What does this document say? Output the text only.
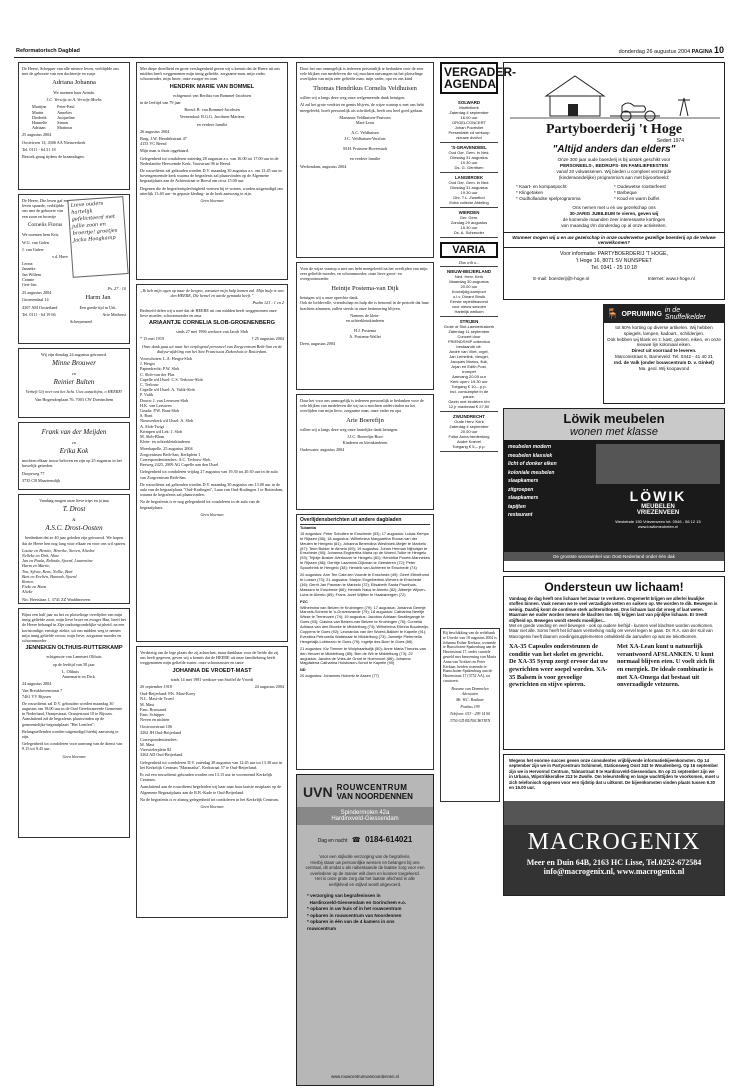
Reformatorisch Dagblad	donderdag 26 augustus 2004 PAGINA 10

De Heere, Schepper van alle nieuwe leven, verblijdde ons met de geboorte van een dochtertje en zusje

Adriana Johanna

We noemen haar Arinda.

J.C. Verwijs en A. Verwijs-Morks

Martijne
Martin
Diederik
Hannelie
Adriaan
Peter-Paul
Annelies
Jacqueline
Simon
Martinus

25 augustus 2004

Oostvirsen 13; 4306 AA Nieuwerkerk

Tel. 0111 - 64 31 18

Bezoek graag tijdens de kraamdagen.

De Heere, Die leven gaf en leven spaarde, verblijdde ons met de geboorte van een zoon en broertje

Cornelis Florus

We noemen hem Kris.

W.G. van Galen

J. van Galen-

v.d. Have

Leona
Janneke
Jan Willem
Connie
Gert-Jan

25 augustus 2004

Groenendaal 14

4307 AM Oosterland

Tel. 0111 - 64 19 66

Lieve ouders hartelijk gefeliciteerd met jullie zoon en broertje! groetjes Jacks Hoogkamp

Ps. 27 : 10

Harm Jan

Een goede tijd in Urk.

Arie Methorst

Scherpenzeel

Wij zijn dinsdag 24 augustus getrouwd.

Minne Brouwer
en
Reinier Bulten

Verheft Gij over ons het licht. Uws aanschijns, o HEERE!

Van Hogendorplaan 76, 7003 CW Doetinchem

Frank van der Meijden
en
Erika Kok

mochten elkaar trouw beloven en zijn op 25 augustus in het huwelijk getreden.

Dorpsweg 77

3735 CB Maartensdijk

Vandaag mogen onze lieve trips en (o)ma

T. Drost
&
A.S.C. Drost-Oosten

herdenken dat ze 40 jaar geleden zijn getrouwd. We hopen dat de Heere hen nog lang voor elkaar en voor ons wil sparen.

Louise en Hennie, Henrike, Steven, Aliedra
Nelleke en Dirk, Aline
Jan en Paula, Rolinda, Sjoerd, Laurentine
Harm en Martie,
Ton, Sylvia, Rens, Nollie, Bart
Bart en Evelien, Hannah, Sjoerd
Remco
Fieke en Hans
Alieke

Nic. Beetslaan 1, 3741 ZZ Waddinxveen

Bijna een half jaar na het zo plotselinge overlijden van mijn innig geliefde zoon, mijn lieve broer en zwager Han, heeft het de Heere behaagd in Zijn ondoorgrondelijke wijsheid, na een kortstondige, ernstige ziekte, uit ons midden weg te nemen mijn innig geliefde vrouw, mijn lieve, zorgzame moeder en schoonmoeder

JENNEKEN OLTHUIS-RUTTERKAMP

echtgenote van Lammert Olthuis

op de leeftijd van 58 jaar.

L. Olthuis
Annemarie en Dick

24 augustus 2004

Van Breukhovenstraat 7
7461 VV Rijssen

De rouwdienst zal D.V. gehouden worden maandag 30 augustus om 18.00 uur in de Oud Gereformeerde Gemeente in Nederland, Oranjestraat, Oranjestraat 10 te Rijssen. Aansluitend zal de begrafenis plaatsvinden op de gemeentelijke begraafplaats "Het Lentfert".

Belangstellenden worden uitgenodigd hierbij aanwezig te zijn.

Gelegenheid tot condoleren voor aanvang van de dienst van 9.15 tot 9.45 uur.

Geen bloemen

Met diepe droefheid en grote verslagenheid geven wij u kennis dat de Heere uit ons midden heeft weggenomen mijn innig geliefde, zorgzame man, mijn vader, schoonvader, mijn broer, onze zwager en oom

HENDRIK MARIE VAN BOMMEL

echtgenoot van Berthia van Bommel-Jacobsen

in de leeftijd van 79 jaar

Beesd: B. van Bommel-Jacobsen

Veenendaal: B.G.G. Jacobsen-Martens

en verdere familie

26 augustus 2004

Burg. J.W. Hendrikstraat 47
4153 VC Beesd

Mijn man is thuis opgebaard.

Gelegenheid tot condoleren zaterdag 28 augustus a.s. van 16.00 tot 17.00 uur in de Nederlandse Hervormde Kerk, Voorstraat 96 te Beesd.

De rouwdienst zal gehouden worden D.V. maandag 30 augustus a.s. om 13.45 uur in bovengenoemde kerk waarna de begrafenis zal plaatsvinden op de Algemene begraafplaats aan de Achterstraat te Beesd om circa 15.00 uur.

Degenen die de begrafenisplechtigheid wensen bij te wonen, worden uitgenodigd om uiterlijk 13.40 uur -in gepaste kleding- in de kerk aanwezig te zijn.

Geen bloemen

„Ik heb mijn ogen op naar de bergen, vanwaar mijn hulp komen zal. Mijn hulp is van den HEERE, Die hemel en aarde gemaakt heeft.”

Psalm 121 : 1 en 2

Bedroefd delen wij u mee dat de HEERE uit ons midden heeft weggenomen onze lieve moeder, schoonmoeder en oma

ARIAANTJE CORNELIA SLOB-GROENENBERG

sinds 27 mei 1996 weduwe van Jacob Slob

* 15 mei 1919	† 25 augustus 2004

Onze dank gaat uit naar het verplegend personeel van Zorgcentrum Beth-San en de dialyse-afdeling van het Sint Franciscus Ziekenhuis te Rotterdam.

Voorschoten: L.A. Hergst-Slob
J. Hergst
Papendrecht: P.W. Slob
C. Slob-van der Plas
Capelle a/d IJssel: C.S. Terlouw-Slob
C. Terlouw
Capelle a/d IJssel: A. Vulik-Slob
P. Vulik
Doorn: J. van Leeuwen-Slob
H.K. van Leeuwen
Gouda: P.W. Bont-Slob
S. Bont
Nieuwerkerk a/d IJssel: A. Slob
A. Slob-Twigt
Krimpen a/d Lek: J. Slob
M. Slob-Blom
Klein- en achterkleinkinderen

Moerkapelle, 25 augustus 2004
Zorgcentrum Beth-San, Kerkplein 1
Correspondentieadres: A.C. Terlouw-Slob
Beeweg 2425, 2909 AG Capelle aan den IJssel

Gelegenheid tot condoleren vrijdag 27 augustus van 19.30 tot 20.30 uur in de aula van Zorgcentrum Beth-San.

De rouwdienst zal gehouden worden D.V. maandag 30 augustus om 13.00 uur in de aula van de begraafplaats "Oud-Kralingen", Laan van Oud-Kralingen 1 te Rotterdam, waarna de begrafenis zal plaatsvinden.

Na de begrafenis is er nog gelegenheid tot condoleren in de aula van de begraafplaats.

Geen bloemen

Verdrietig om de lege plaats die zij achterlaat, maar dankbaar voor de liefde die zij ons heeft gegeven, geven wij u kennis dat de HEERE uit onze familiekring heeft weggenomen mijn geliefde zuster, onze schoonzuster en tante

JOHANNA DE VROEDT-MAST

sinds 14 mei 1981 weduwe van Stoffel de Vroedt

26 september 1918	24 augustus 2004

Oud-Beijerland: P.K. Mast-Kooy
N.L. Mast-de Vroed
M. Mast
Fam. Brussaard
Fam. Schipper
Neven en nichten

Oostvoorstraat 106
3262 JH Oud-Beijerland

Correspondentieadres:
M. Mast
Vierwielerplein 82
3262 AD Oud-Beijerland

Gelegenheid tot condoleren D.V. zaterdag 28 augustus van 12.45 uur tot 13.30 uur in het Kerkelijk Centrum "Maranatha", Kerkstraat 57 te Oud-Beijerland.

Er zal een rouwdienst gehouden worden om 13.15 uur in voornoemd Kerkelijk Centrum.

Aansluitend aan de rouwdienst begeleiden wij haar naar haar laatste rustplaats op de Algemene Begraafplaats aan de R.B.-Kade te Oud-Beijerland.

Na de begrafenis is er alsnog gelegenheid tot condoleren in het Kerkelijk Centrum.

Geen bloemen

Door het ons onmogelijk is iedereen persoonlijk te bedanken voor de zeer vele blijken van medeleven die wij mochten ontvangen na het plotselinge overlijden van mijn zeer geliefde man, mijn vader, opa en ons kind

Thomas Hendrikus Cornelis Veldhuisen

willen wij u langs deze weg onze welgemeende dank betuigen.

Al zal het grote verdriet en gemis blijven, de wijze waarop u met ons hebt meegeleefd, hoeft persoonlijk als schriftelijk, heeft ons heel goed gedaan.

Marianne Veldhuisen-Pruissen
Mart-Leon

A.C. Veldhuisen
J.C. Veldhuisen-Versluis

M.H. Pruissen-Hoverstadt

en verdere familie

Werkendam, augustus 2004

Voor de wijze waarop u met ons hebt meegeleefd na het overlijden van mijn zeer geliefde moeder, en schoonmoeder, onze lieve groot- en overgrootmoeder

Heintje Postema-van Dijk

betuigen wij u onze oprechte dank.
Ook de liefdevolle, vriendschap en hulp die is betoond in de periode dat haar krachten afnamen, zullen steeds in onze herinnering blijven.

Namens de klein-
en achterkleinkinderen

H.J. Postema
A. Postema-Wallet

Deen, augustus 2004

Daar het voor ons onmogelijk is iedereen persoonlijk te bedanken voor de vele blijken van medeleven die wij na u mochten ondervinden na het overlijden van mijn lieve, zorgzame man, onze vader en opa

Arie Boerefijn

willen wij u langs deze weg onze hartelijke dank betuigen.

J.J.C. Boerefijn-Boor
Kinderen en kleinkinderen

Oudewater, augustus 2004

Overlijdensberichten uit andere dagbladen
Tubantia

15 augustus: Peter Scholten te Enschede (53); 17 augustus: Lukas Kemps te Rijssen (58); 18 augustus: Wilhelmina Margaretha Roose-van der Meulen te Hengelo (81); Johanna Berendina Westhoek-Meijer te Markelo (67); Teun Bulder te Almelo (69); 19 augustus: Johan Herman Nijhuisjer te Enschede (90); Johanna Engbertha Maria op de Woerd-Tutke te Hengelo (93); Trijntje Bosker-Werkuizer te Hengelo (81); Hendrika Poorte-Mannekes te Rijssen (86); Gerritje Laarmink-Dijkman te Geesteren (72); Peter Spoorbrink te Hengelo (38); Hendrik van Achteren te Enschede (74)

20 augustus: Ann Ten Cate-ten Voorde te Enschede (49); Geert Ebbelhorst te Losser (73); 21 augustus: Marjon Engelbertink-Wevers te Enschede (36); Gerrit Jan Pasman te Markelo (72); Elisabeth Santa Poorthuis-Massaro te Enschede (66); Hendrik Naus te Almelo (82); Albertje Wijnen-Lubs te Almelo (89); Frans Jozef Wijfker te Haaksbergen (72)

PZC

Wilhelmina van Belzen te Kruiningen (79); 17 augustus: Johanna Geertje Marcels-Schenk te 's-Gravenzande (79); 18 augustus: Catharina Neeltje Wisse te Terneuzen (74); 19 augustus: Jacobus Adriaan Smallegange te Goes (93); Clasina van Belzen-van Belzen te Kruiningen (76); Cornelia Adriana van den Broeke te Middelburg (74); Wilhelmina Elbrina Boudewijn-Coppens te Goes (92); Leonardus van der Woerd-Bakker te Kapelle (91); Everdina Petronella Wattenaar te Middelburg (73); Jannetje Pieternella Hengelaijk-Lobbezoo te Goes (79); Ingetje des Boer te Goes (66)

21 augustus: Kiz Timmer te Wolphaartsdijk (50); Anne Maria Theunis-van den Heuvel te Middelburg (85); Ben de Wit te Middelburg (73); 22 augustus: Jacoba de Vries-de Groot te Hoenvoort (86); Johanna Magdalena Catharina Hulsbosen-Schot te Kapelle (90)

ND

20 augustus: Johannes Hubertz te Assen (77)

UVN ROUWCENTRUM
VAN NOORDENNEN
Spindermolen 42a
Hardinxveld-Giessendam
Dag en nacht ☎ 0184-614021

Voor een stijlvolle verzorging van de begrafenis.

Hierbij staan uw persoonlijke wensen en belangen bij ons centraal, dit omdat u als nabestaande de laatste zorg voor een

overledene op de manier wilt doen en kunnen toegeleerd.

Het is onze grote zorg dat het laatste afscheid in alle eerlijkheid en stijlvol wordt uitgevoerd.

* verzorging van begrafenissen in
Hardinxveld-Giessendam en Gorinchem e.o.
* opbaren in uw huis of in het rouwcentrum
* opbaren in rouwcentrum van Noordennen
* opbaren in één van de 4 kamers in ons rouwcentrum
www.rouwcentrumvannoordennen.nl
VERGADER-
AGENDA
SOLWARD
Martinikerk
Zaterdag 4 september
16.00 uur
ORGELCONCERT
Johan Poortvliet
Presentatie cd verkoop
nieuwe dvd/cd
'S-GRAVENDEEL
Oud Ger. Gem. in Ned.
Dinsdag 31 augustus
19.30 uur
Ds. G. Gerritsen
LANGBROEK
Oud Ger. Gem. in Ned.
Dinsdag 31 augustus
19.30 uur
Dhr. T.L. Zwartbol
Extra collecte Afdeling
WIERDEN
Ger. Gem.
Zondag 29 augustus
15.30 uur
Ds. A. Schreuder
VARIA
Dan wilt u...
NIEUW-BEIJERLAND
Ned. Herv. Kerk
Maandag 30 augustus
20.00 uur
Koorzijdig kampoor
o.l.v. Dinant Struik
Eerste repetitieavond
voor nieuw seizoen
Hartelijk welkom
STRIJEN
Grote of Sint-Lambertuskerk
Zaterdag 11 september
Concert door
FRIENDSHIP collection
bestaande uit:
André van Vliet, orgel,
Jan Lemelink, vleugel,
Jacques Marius, fluit,
Arjan en Edith Post,
trompet
Aanvang 20.00 uur
Kerk open: 19.30 uur
Toegang € 10,– p.p.
incl. consumptie in de
pauze.
Gezin met kinderen t/m
12 jr maximaal € 27,50
ZWIJNDRECHT
Oude Herv. Kerk
Zaterdag 4 september
20.00 uur
Folke Anna herdenking
André Knevel
Toegang € 5,– p.p.

Bij beschikking van de rechtbank te Utrecht van 18 augustus 2004 is Johanna Esther Kerkaar, wonende te Bunschoten-Spakenburg aan de Havenstraat 17, onder curatele gesteld met benoeming van Maria Anna van Trotkert en Peter Kerkaar, beiden wonende te Bunschoten-Spakenburg aan de Havenstraat 17 (3752 AA), tot curatoren.

Boeuzse van Dommelen Advocaten

Mr. W.C. Rozhaar

Postbus 199

Telefoon: 033 - 299 14 00

3750 GD BUNSCHOTEN

Partyboerderij 't Hoge
Sedert 1974
"Altijd anders dan elders"
Onze 300 jaar oude boerderij is bij uitstek geschikt voor
PERSONEELS-, BEDRIJFS- EN FAMILIEFEESTEN
vanaf 20 volwassenen. Wij bieden u compleet verzorgde
(kinderwandelijke) programma's aan met bijvoorbeeld:
* Kaart- en kompaspocht
* Klingetaken
* Oudhollandse spelprogramma
* Oudewetse roosterfeest
* Barbeque
* Koud en warm buffet
Ons nemen met u en uw gezelschap ons
30-JARIG JUBILEUM te vieren, geven wij
de komende maanden zeer interessante kortingen
van maandag t/m donderdag op al onze activiteiten.
Wanneer mogen wij u en uw gezelschap in onze ouderwetse gezellige boerderij op de Veluwe verwelkomen?
Voor informatie: PARTYBOERDERIJ 'T HOGE,
't Hoge 16, 8071 SV NUNSPEET
Tel. 0341 - 25 10 18
E-mail: boerderij@t-hoge.nl	Internet: www.t-hoge.nl
🪑 OPRUIMING in de Snuffelkelder

tot 60% korting op diverse artikelen. Wij hebben spiegels, lampen, kadoart., schilderijen.

Ook hebben wij klank en z. kast, grenen, eiken, en onze nieuwe lijn koloniaal eiken.

Direct uit voorraad te leveren.

Marconistraat 6, Barneveld. Tel. 0342 - 41 40 21

Ind. de Valk (onder bouwcentrum D. v. Ginkel)

Ma. geol. Wij koopavond

Löwik meubelen
wonen met klasse
meubelen modern
meubelen klassiek
licht of donker eiken
koloniale meubelen
slaapkamers
zitgroepen
slaapkamers
tapijten
restaurant
LÖWIK
MEUBELEN
VRIEZENVEEN
Westeinde 150 Vriezenveen tel. 0546 - 56 12 15
www.lowikmeubelen.nl
De grootste woonwinkel van Oost-Nederland onder één dak
Ondersteun uw lichaam!

Vandaag de dag heeft ons lichaam het zwaar te verduren. Ongemerkt krijgen we allerlei kwalijke stoffen binnen. Vaak nemen we te veel verzadigde vetten en suikers op. We worden te dik. Bewegen is weinig. Daarbij komt de continue sterk achteruitlopen. Ons lichaam laat dat vroeg of laat weten. Maarnaie we ouder worden nemen de klachten toe. Wij krijgen last van pijnlijke lichaam. Er treedt stijfheid op. Bewegen wordt steeds moeilijker...

Met en goede voeding en veel bewegen - ook op oudere leeftijd - kunnen veel klachten worden voorkomen. Maar niet alle. Soms heeft het lichaam versterking nodig om vervel tegen te gaan. Dr. R.A. van der Kuil van Macrogenix heeft daarom voedingssupplementen ontwikkeld die aanvullen op wat we tekortkomen.

XA-35 Capsules ondersteunen de conditie van het skelet en gewricht. De XA-35 Syrup zorgt ervoor dat uw gewrichten weer soepel worden. XA-35 Balsem is voor gevoelige gewrichten en stijve spieren.
Met XA-Lean kunt u natuurlijk verantwoord AFSLANKEN. U kunt normaal blijven eten. U voelt zich fit en energiek. De ideale combinatie is met XA-Omega dat bestaat uit onverzadigde vetzuren.

Wegens het enorme succes geven onze consulentes vrijblijvende informatiebijeenkomsten. Op 14 september zijn we in Partycentrum Schimmel, Stationsweg Oost 343 te Woudenberg. Op 16 september zijn we in Hervormd Centrum, Talmastraat 9 te Hardinxveld-Giessendam. En op 21 september zijn we in Urbana, Wipstrikkerallee 213 te Zwolle. Om teleurstelling en lange wachttijden te voorkomen, moet u zich telefonisch opgeven voor een tijdstip dat u uitkomt. De bijeenkomsten vinden plaats tussen 9.30 en 15.00 uur.

MACROGENIX
Meer en Duin 64B, 2163 HC Lisse, Tel.0252-672584
info@macrogenix.nl, www.macrogenix.nl
